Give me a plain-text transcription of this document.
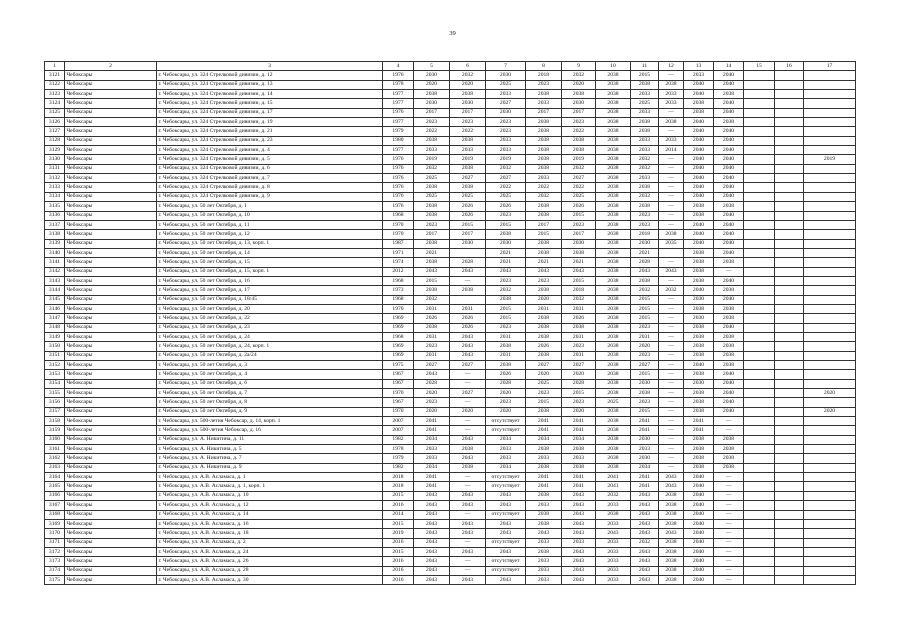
39
1	2	3	4	5	6	7	8	9	10	11	12	13	14	15	16	17
3121	Чебоксары	г. Чебоксары, ул. 324 Стрелковой дивизии, д. 12	1976	2030	2032	2030	2018	2032	2038	2015	—	2033	2040			
3122	Чебоксары	г. Чебоксары, ул. 324 Стрелковой дивизии, д. 13	1978	2020	2020	2025	2023	2020	2038	2038	2038	2040	2040			
3123	Чебоксары	г. Чебоксары, ул. 324 Стрелковой дивизии, д. 14	1977	2038	2038	2033	2038	2038	2038	2033	2033	2040	2038			
3124	Чебоксары	г. Чебоксары, ул. 324 Стрелковой дивизии, д. 15	1977	2030	2030	2027	2033	2030	2038	2025	2033	2038	2040			
3125	Чебоксары	г. Чебоксары, ул. 324 Стрелковой дивизии, д. 17	1976	2017	2017	2030	2017	2017	2038	2033	—	2038	2040			
3126	Чебоксары	г. Чебоксары, ул. 324 Стрелковой дивизии, д. 19	1977	2023	2023	2023	2038	2023	2038	2038	2038	2040	2038			
3127	Чебоксары	г. Чебоксары, ул. 324 Стрелковой дивизии, д. 21	1979	2022	2022	2023	2038	2022	2038	2038	—	2040	2040			
3128	Чебоксары	г. Чебоксары, ул. 324 Стрелковой дивизии, д. 23	1980	2038	2038	2033	2038	2038	2038	2033	2033	2040	2040			
3129	Чебоксары	г. Чебоксары, ул. 324 Стрелковой дивизии, д. 4	1977	2033	2033	2033	2038	2038	2038	2033	2014	2040	2040			
3130	Чебоксары	г. Чебоксары, ул. 324 Стрелковой дивизии, д. 5	1976	2019	2019	2019	2038	2019	2038	2032	—	2040	2040			2019
3131	Чебоксары	г. Чебоксары, ул. 324 Стрелковой дивизии, д. 6	1976	2032	2038	2032	2038	2032	2038	2032	—	2040	2040			
3132	Чебоксары	г. Чебоксары, ул. 324 Стрелковой дивизии, д. 7	1976	2025	2027	2027	2033	2027	2038	2033	—	2040	2040			
3133	Чебоксары	г. Чебоксары, ул. 324 Стрелковой дивизии, д. 8	1976	2038	2038	2022	2022	2022	2038	2038	—	2040	2040			
3134	Чебоксары	г. Чебоксары, ул. 324 Стрелковой дивизии, д. 9	1976	2025	2025	2025	2032	2025	2038	2032	—	2040	2040			
3135	Чебоксары	г. Чебоксары, ул. 50 лет Октября, д. 1	1976	2038	2026	2026	2038	2026	2038	2038	—	2038	2038			
3136	Чебоксары	г. Чебоксары, ул. 50 лет Октября, д. 10	1968	2038	2026	2023	2038	2015	2038	2023	—	2038	2040			
3137	Чебоксары	г. Чебоксары, ул. 50 лет Октября, д. 11	1970	2023	2015	2015	2017	2023	2038	2023	—	2040	2040			
3138	Чебоксары	г. Чебоксары, ул. 50 лет Октября, д. 12	1970	2017	2017	2038	2015	2017	2038	2018	2038	2040	2040			
3139	Чебоксары	г. Чебоксары, ул. 50 лет Октября, д. 13, корп. 1	1987	2038	2030	2030	2038	2030	2038	2030	2035	2040	2040			
3140	Чебоксары	г. Чебоксары, ул. 50 лет Октября, д. 14	1971	2021		2021	2038	2038	2038	2021		2038	2040			
3141	Чебоксары	г. Чебоксары, ул. 50 лет Октября, д. 15	1974	2038	2028	2021	2021	2021	2038	2028	—	2038	2038			
3142	Чебоксары	г. Чебоксары, ул. 50 лет Октября, д. 15, корп. 1	2012	2043	2043	2043	2043	2043	2038	2043	2043	2038	—			
3143	Чебоксары	г. Чебоксары, ул. 50 лет Октября, д. 16	1968	2015	—	2023	2023	2015	2038	2038	—	2038	2040			
3144	Чебоксары	г. Чебоксары, ул. 50 лет Октября, д. 17	1973	2038	2038	2032	2038	2018	2038	2032	2032	2040	2038			
3145	Чебоксары	г. Чебоксары, ул. 50 лет Октября, д. 18/45	1968	2032		2038	2020	2032	2038	2015	—	2030	2040			
3146	Чебоксары	г. Чебоксары, ул. 50 лет Октября, д. 20	1970	2031	2031	2015	2031	2031	2038	2015	—	2038	2038			
3147	Чебоксары	г. Чебоксары, ул. 50 лет Октября, д. 22	1969	2026	2026	2015	2038	2026	2038	2015	—	2030	2038			
3148	Чебоксары	г. Чебоксары, ул. 50 лет Октября, д. 23	1969	2038	2026	2023	2038	2038	2038	2023	—	2038	2040			
3149	Чебоксары	г. Чебоксары, ул. 50 лет Октября, д. 24	1968	2031	2043	2031	2038	2031	2038	2031	—	2038	2038			
3150	Чебоксары	г. Чебоксары, ул. 50 лет Октября, д. 24, корп. 1	1969	2023	2043	2038	2026	2023	2038	2020	—	2038	2038			
3151	Чебоксары	г. Чебоксары, ул. 50 лет Октября, д. 2а/24	1969	2031	2043	2031	2038	2031	2038	2023	—	2038	2038			
3152	Чебоксары	г. Чебоксары, ул. 50 лет Октября, д. 3	1975	2027	2027	2038	2027	2027	2038	2027	—	2040	2038			
3153	Чебоксары	г. Чебоксары, ул. 50 лет Октября, д. 4	1967	2043	—	2026	2020	2020	2038	2015	—	2038	2040			
3154	Чебоксары	г. Чебоксары, ул. 50 лет Октября, д. 6	1967	2028	—	2028	2025	2028	2038	2030	—	2030	2040			
3155	Чебоксары	г. Чебоксары, ул. 50 лет Октября, д. 7	1970	2020	2027	2020	2023	2015	2038	2038	—	2038	2040			2020
3156	Чебоксары	г. Чебоксары, ул. 50 лет Октября, д. 8	1967	2023	—	2023	2015	2023	2025	2023	—	2038	2040			
3157	Чебоксары	г. Чебоксары, ул. 50 лет Октября, д. 9	1970	2020	2020	2020	2038	2020	2038	2015	—	2038	2040			2020
3158	Чебоксары	г. Чебоксары, ул. 500-летия Чебоксар, д. 14, корп. 1	2007	2041	—	отсутствует	2041	2041	2038	2041	—	2041	—			
3159	Чебоксары	г. Чебоксары, ул. 500-летия Чебоксар, д. 16	2007	2041	—	отсутствует	2041	2041	2038	2041	—	2041	—			
3160	Чебоксары	г. Чебоксары, ул. А. Никитина, д. 11	1982	2034	2043	2034	2034	2034	2038	2030	—	2038	2038			
3161	Чебоксары	г. Чебоксары, ул. А. Никитина, д. 5	1978	2033	2038	2033	2038	2038	2038	2033	—	2038	2038			
3162	Чебоксары	г. Чебоксары, ул. А. Никитина, д. 7	1979	2033	2043	2033	2033	2033	2038	2030	—	2038	2038			
3163	Чебоксары	г. Чебоксары, ул. А. Никитина, д. 9	1982	2034	2038	2034	2038	2038	2038	2034	—	2038	2038			
3164	Чебоксары	г. Чебоксары, ул. А.В. Асламаса, д. 1	2018	2041	—	отсутствует	2041	2041	2041	2041	2043	2040	—			
3165	Чебоксары	г. Чебоксары, ул. А.В. Асламаса, д. 1, корп. 1	2018	2041	—	отсутствует	2041	2041	2041	2041	2043	2040	—			
3166	Чебоксары	г. Чебоксары, ул. А.В. Асламаса, д. 10	2015	2043	2043	2043	2038	2043	2032	2043	2038	2040	—			
3167	Чебоксары	г. Чебоксары, ул. А.В. Асламаса, д. 12	2016	2043	2043	2043	2033	2043	2033	2043	2038	2040	—			
3168	Чебоксары	г. Чебоксары, ул. А.В. Асламаса, д. 14	2014	2043	—	отсутствует	2038	2043	2038	2043	2038	2040	—			
3169	Чебоксары	г. Чебоксары, ул. А.В. Асламаса, д. 16	2015	2043	2043	2043	2038	2043	2033	2043	2038	2040	—			
3170	Чебоксары	г. Чебоксары, ул. А.В. Асламаса, д. 18	2019	2043	2043	2043	2043	2043	2043	2043	2043	2040	—			
3171	Чебоксары	г. Чебоксары, ул. А.В. Асламаса, д. 2	2016	2043	—	отсутствует	2033	2033	2033	2032	2038	2040	—			
3172	Чебоксары	г. Чебоксары, ул. А.В. Асламаса, д. 24	2015	2043	2043	2043	2038	2043	2033	2043	2038	2040	—			
3173	Чебоксары	г. Чебоксары, ул. А.В. Асламаса, д. 26	2016	2043	—	отсутствует	2033	2043	2033	2043	2038	2040	—			
3174	Чебоксары	г. Чебоксары, ул. А.В. Асламаса, д. 28	2016	2043	—	отсутствует	2033	2043	2033	2043	2038	2040	—			
3175	Чебоксары	г. Чебоксары, ул. А.В. Асламаса, д. 30	2016	2043	2043	2043	2033	2043	2033	2043	2038	2040	—			
